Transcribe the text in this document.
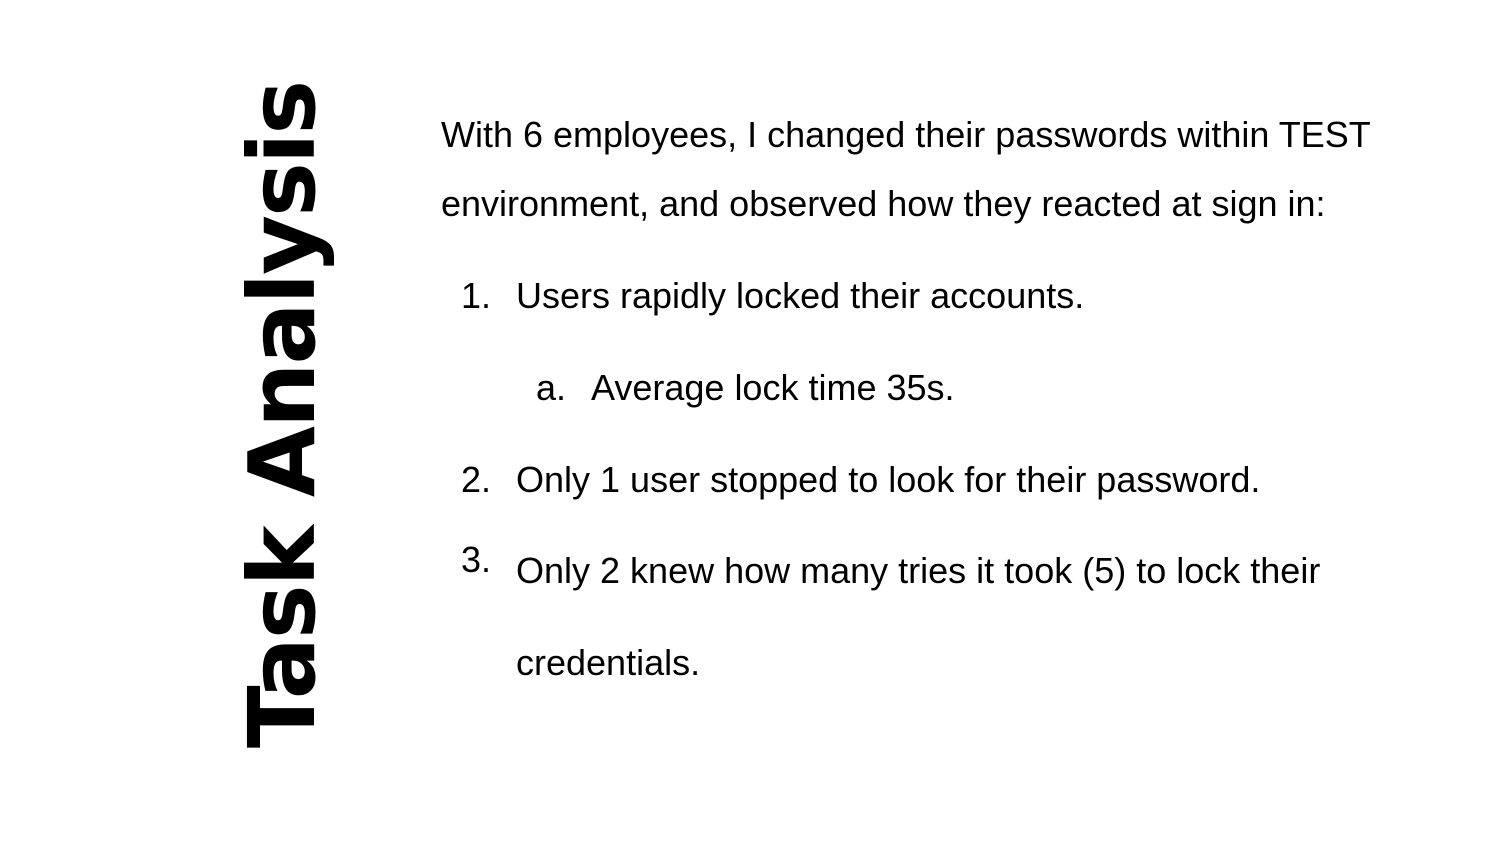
Task Analysis	With 6 employees, I changed their passwords within TEST environment, and observed how they reacted at sign in:

1. Users rapidly locked their accounts.
a. Average lock time 35s.
2. Only 1 user stopped to look for their password.
3. Only 2 knew how many tries it took (5) to lock their credentials.
